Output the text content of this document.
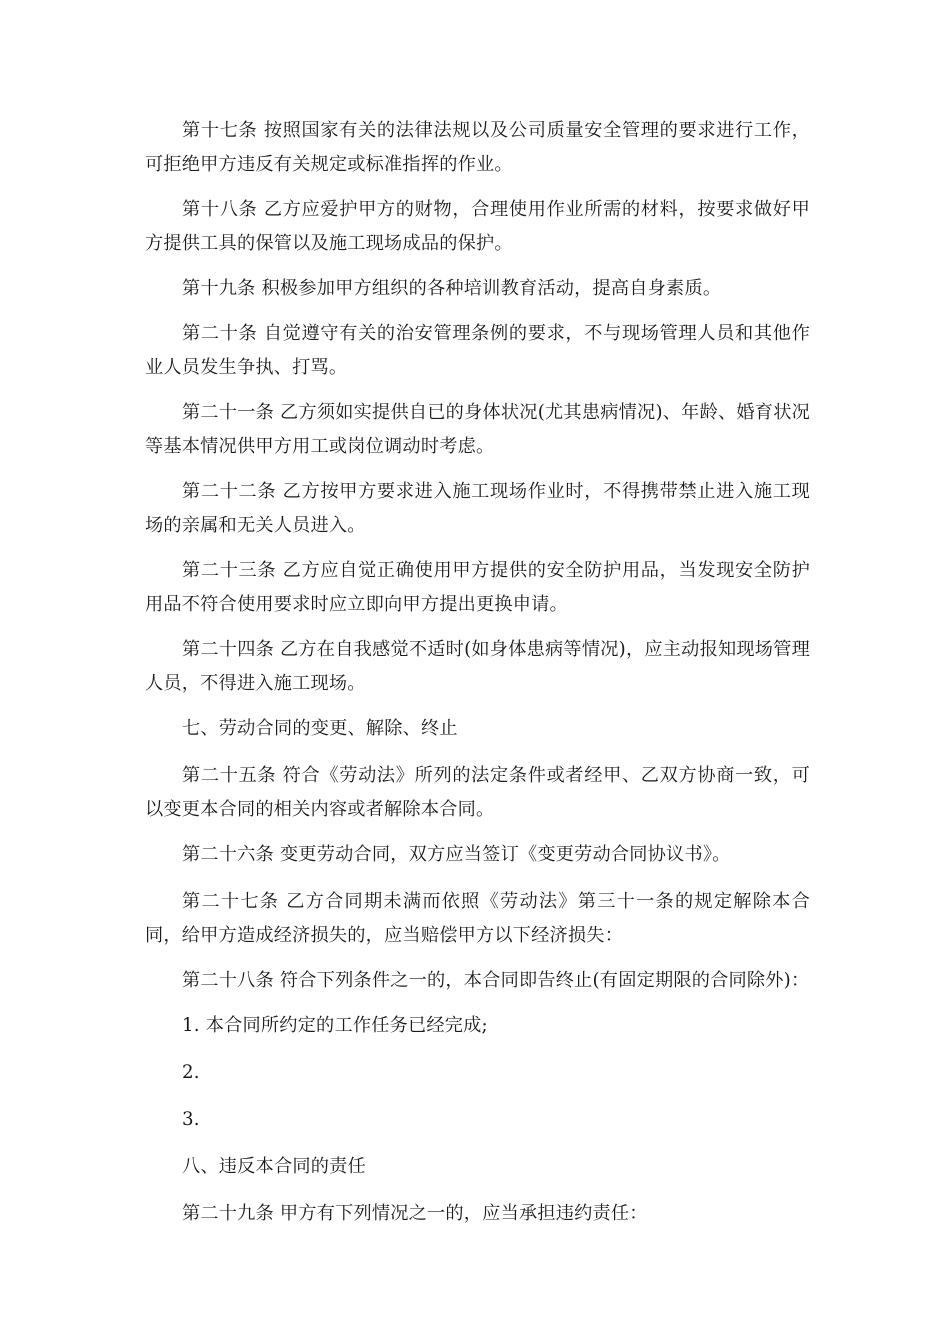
第十七条 按照国家有关的法律法规以及公司质量安全管理的要求进行工作，可拒绝甲方违反有关规定或标准指挥的作业。

第十八条 乙方应爱护甲方的财物，合理使用作业所需的材料，按要求做好甲方提供工具的保管以及施工现场成品的保护。

第十九条 积极参加甲方组织的各种培训教育活动，提高自身素质。

第二十条 自觉遵守有关的治安管理条例的要求，不与现场管理人员和其他作业人员发生争执、打骂。

第二十一条 乙方须如实提供自已的身体状况(尤其患病情况)、年龄、婚育状况等基本情况供甲方用工或岗位调动时考虑。

第二十二条 乙方按甲方要求进入施工现场作业时，不得携带禁止进入施工现场的亲属和无关人员进入。

第二十三条 乙方应自觉正确使用甲方提供的安全防护用品，当发现安全防护用品不符合使用要求时应立即向甲方提出更换申请。

第二十四条 乙方在自我感觉不适时(如身体患病等情况)，应主动报知现场管理人员，不得进入施工现场。

七、劳动合同的变更、解除、终止

第二十五条 符合《劳动法》所列的法定条件或者经甲、乙双方协商一致，可以变更本合同的相关内容或者解除本合同。

第二十六条 变更劳动合同，双方应当签订《变更劳动合同协议书》。

第二十七条 乙方合同期未满而依照《劳动法》第三十一条的规定解除本合同，给甲方造成经济损失的，应当赔偿甲方以下经济损失：

第二十八条 符合下列条件之一的，本合同即告终止(有固定期限的合同除外)：

1. 本合同所约定的工作任务已经完成;

2.

3.

八、违反本合同的责任

第二十九条 甲方有下列情况之一的，应当承担违约责任：
